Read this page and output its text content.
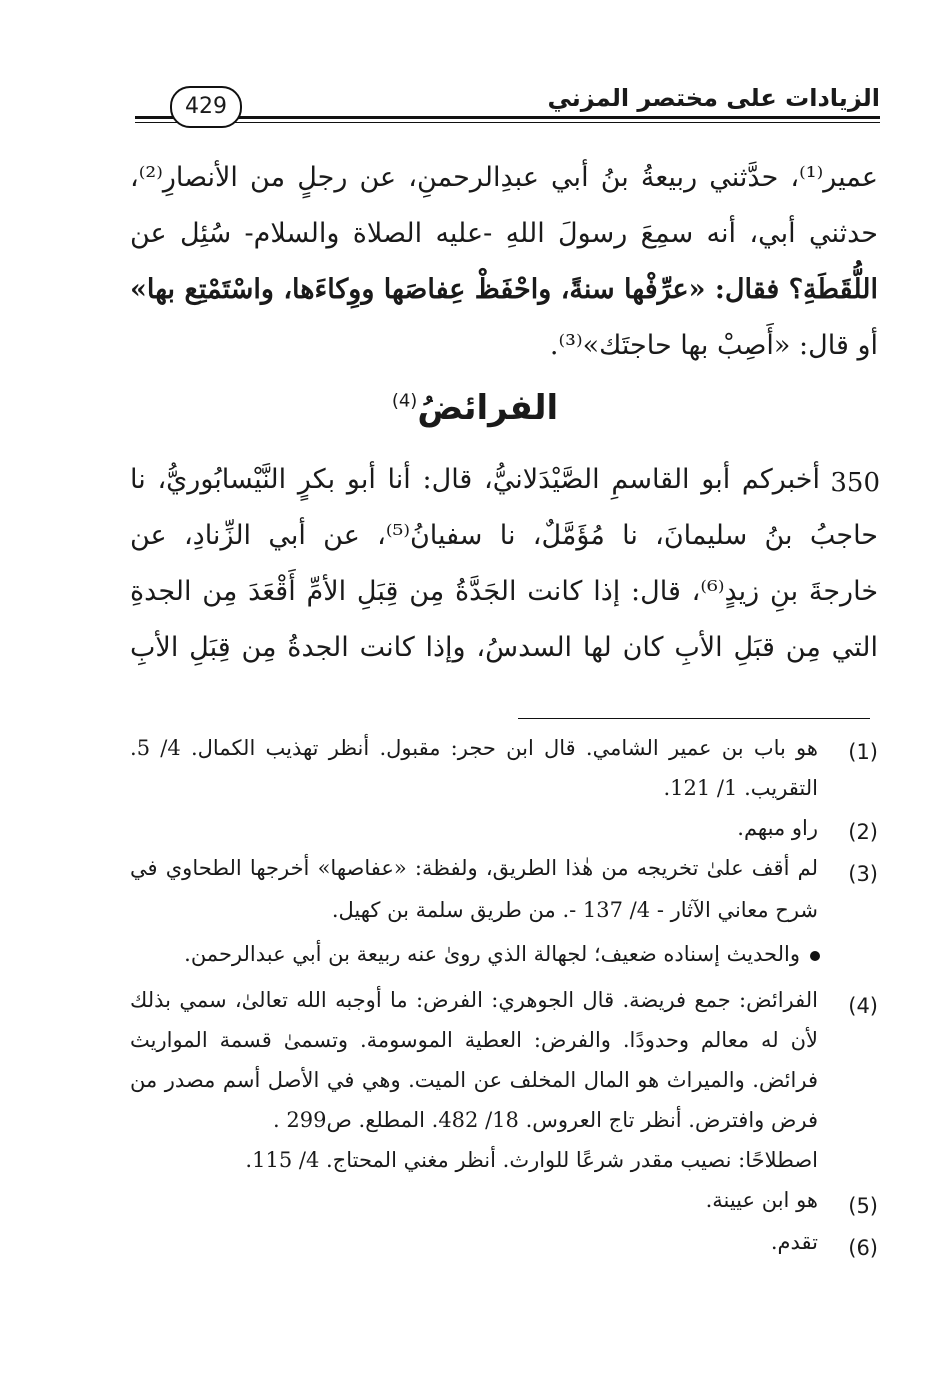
الزيادات على مختصر المزني
429
عمير⁽¹⁾، حدَّثني ربيعةُ بنُ أبي عبدِالرحمنِ، عن رجلٍ من الأنصارِ⁽²⁾،
حدثني أبي، أنه سمِعَ رسولَ اللهِ -عليه الصلاة والسلام- سُئِل عن
اللُّقَطَةِ؟ فقال: «عرِّفْها سنةً، واحْفَظْ عِفاصَها ووِكاءَها، واسْتَمْتِع بها»
أو قال: «أَصِبْ بها حاجتَك»⁽³⁾.
الفرائضُ$^{(4)}$
350
أخبركم أبو القاسمِ الصَّيْدَلانيُّ، قال: أنا أبو بكرٍ النَّيْسابُوريُّ، نا
حاجبُ بنُ سليمانَ، نا مُؤَمَّلٌ، نا سفيانُ⁽⁵⁾، عن أبي الزِّنادِ، عن
خارجةَ بنِ زيدٍ⁽⁶⁾، قال: إذا كانت الجَدَّةُ مِن قِبَلِ الأمِّ أَقْعَدَ مِن الجدةِ
التي مِن قبَلِ الأبِ كان لها السدسُ، وإذا كانت الجدةُ مِن قِبَلِ الأبِ
(1)
هو باب بن عمير الشامي. قال ابن حجر: مقبول. أنظر تهذيب الكمال. 4/ 5.
التقريب. 1/ 121.
(2)
راو مبهم.
(3)
لم أقف علىٰ تخريجه من هٰذا الطريق، ولفظة: «عفاصها» أخرجها الطحاوي في
شرح معاني الآثار - 4/ 137 -. من طريق سلمة بن كهيل.
والحديث إسناده ضعيف؛ لجهالة الذي روىٰ عنه ربيعة بن أبي عبدالرحمن.
(4)
الفرائض: جمع فريضة. قال الجوهري: الفرض: ما أوجبه الله تعالىٰ، سمي بذلك
لأن له معالم وحدودًا. والفرض: العطية الموسومة. وتسمىٰ قسمة المواريث
فرائض. والميراث هو المال المخلف عن الميت. وهي في الأصل أسم مصدر من
فرض وافترض. أنظر تاج العروس. 18/ 482. المطلع. ص299 .
اصطلاحًا: نصيب مقدر شرعًا للوارث. أنظر مغني المحتاج. 4/ 115.
(5)
هو ابن عيينة.
(6)
تقدم.
